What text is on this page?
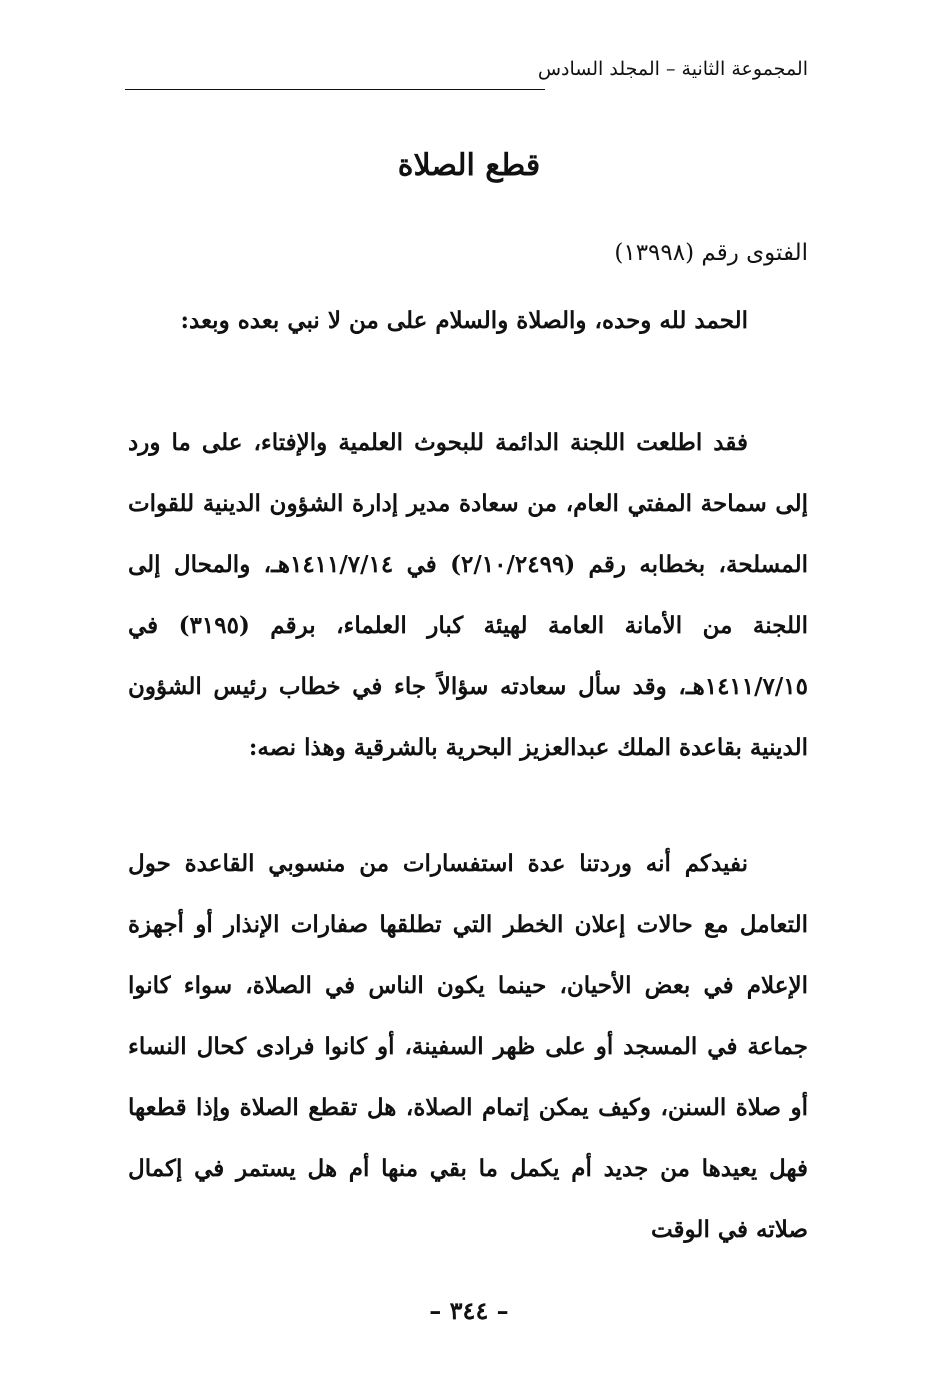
المجموعة الثانية – المجلد السادس
قطع الصلاة
الفتوى رقم (١٣٩٩٨)

الحمد لله وحده، والصلاة والسلام على من لا نبي بعده وبعد:

فقد اطلعت اللجنة الدائمة للبحوث العلمية والإفتاء، على ما ورد إلى سماحة المفتي العام، من سعادة مدير إدارة الشؤون الدينية للقوات المسلحة، بخطابه رقم (٢/١٠/٢٤٩٩) في ١٤١١/٧/١٤هـ، والمحال إلى اللجنة من الأمانة العامة لهيئة كبار العلماء، برقم (٣١٩٥) في ١٤١١/٧/١٥هـ، وقد سأل سعادته سؤالاً جاء في خطاب رئيس الشؤون الدينية بقاعدة الملك عبدالعزيز البحرية بالشرقية وهذا نصه:

نفيدكم أنه وردتنا عدة استفسارات من منسوبي القاعدة حول التعامل مع حالات إعلان الخطر التي تطلقها صفارات الإنذار أو أجهزة الإعلام في بعض الأحيان، حينما يكون الناس في الصلاة، سواء كانوا جماعة في المسجد أو على ظهر السفينة، أو كانوا فرادى كحال النساء أو صلاة السنن، وكيف يمكن إتمام الصلاة، هل تقطع الصلاة وإذا قطعها فهل يعيدها من جديد أم يكمل ما بقي منها أم هل يستمر في إكمال صلاته في الوقت

– ٣٤٤ –
